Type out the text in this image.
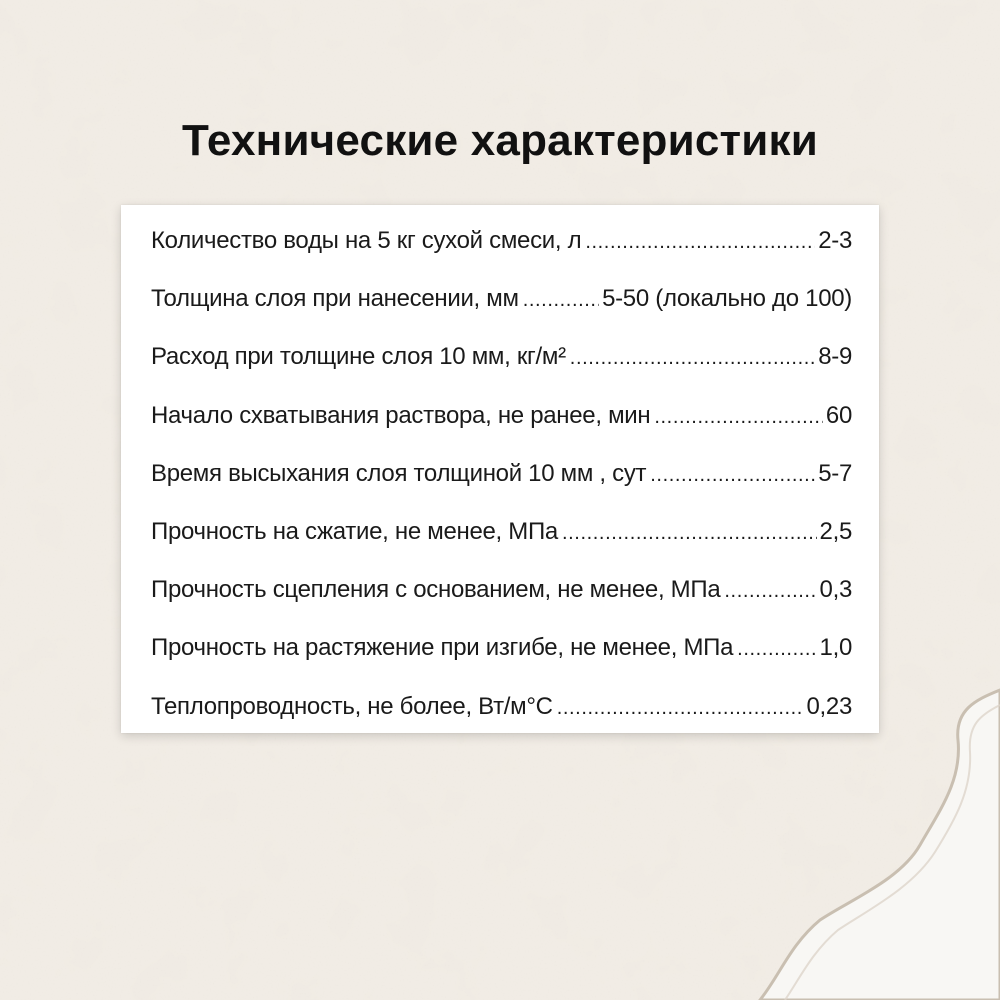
Технические характеристики
Количество воды на 5 кг сухой смеси, л .....	2-3
Толщина слоя при нанесении, мм .....	5-50 (локально до 100)
Расход при толщине слоя 10 мм, кг/м² .....	8-9
Начало схватывания раствора, не ранее, мин .....	60
Время высыхания слоя толщиной 10 мм , сут .....	5-7
Прочность на сжатие, не менее, МПа .....	2,5
Прочность сцепления с основанием, не менее, МПа .....	0,3
Прочность на растяжение при изгибе, не менее, МПа .....	1,0
Теплопроводность, не более, Вт/м°С .....	0,23
